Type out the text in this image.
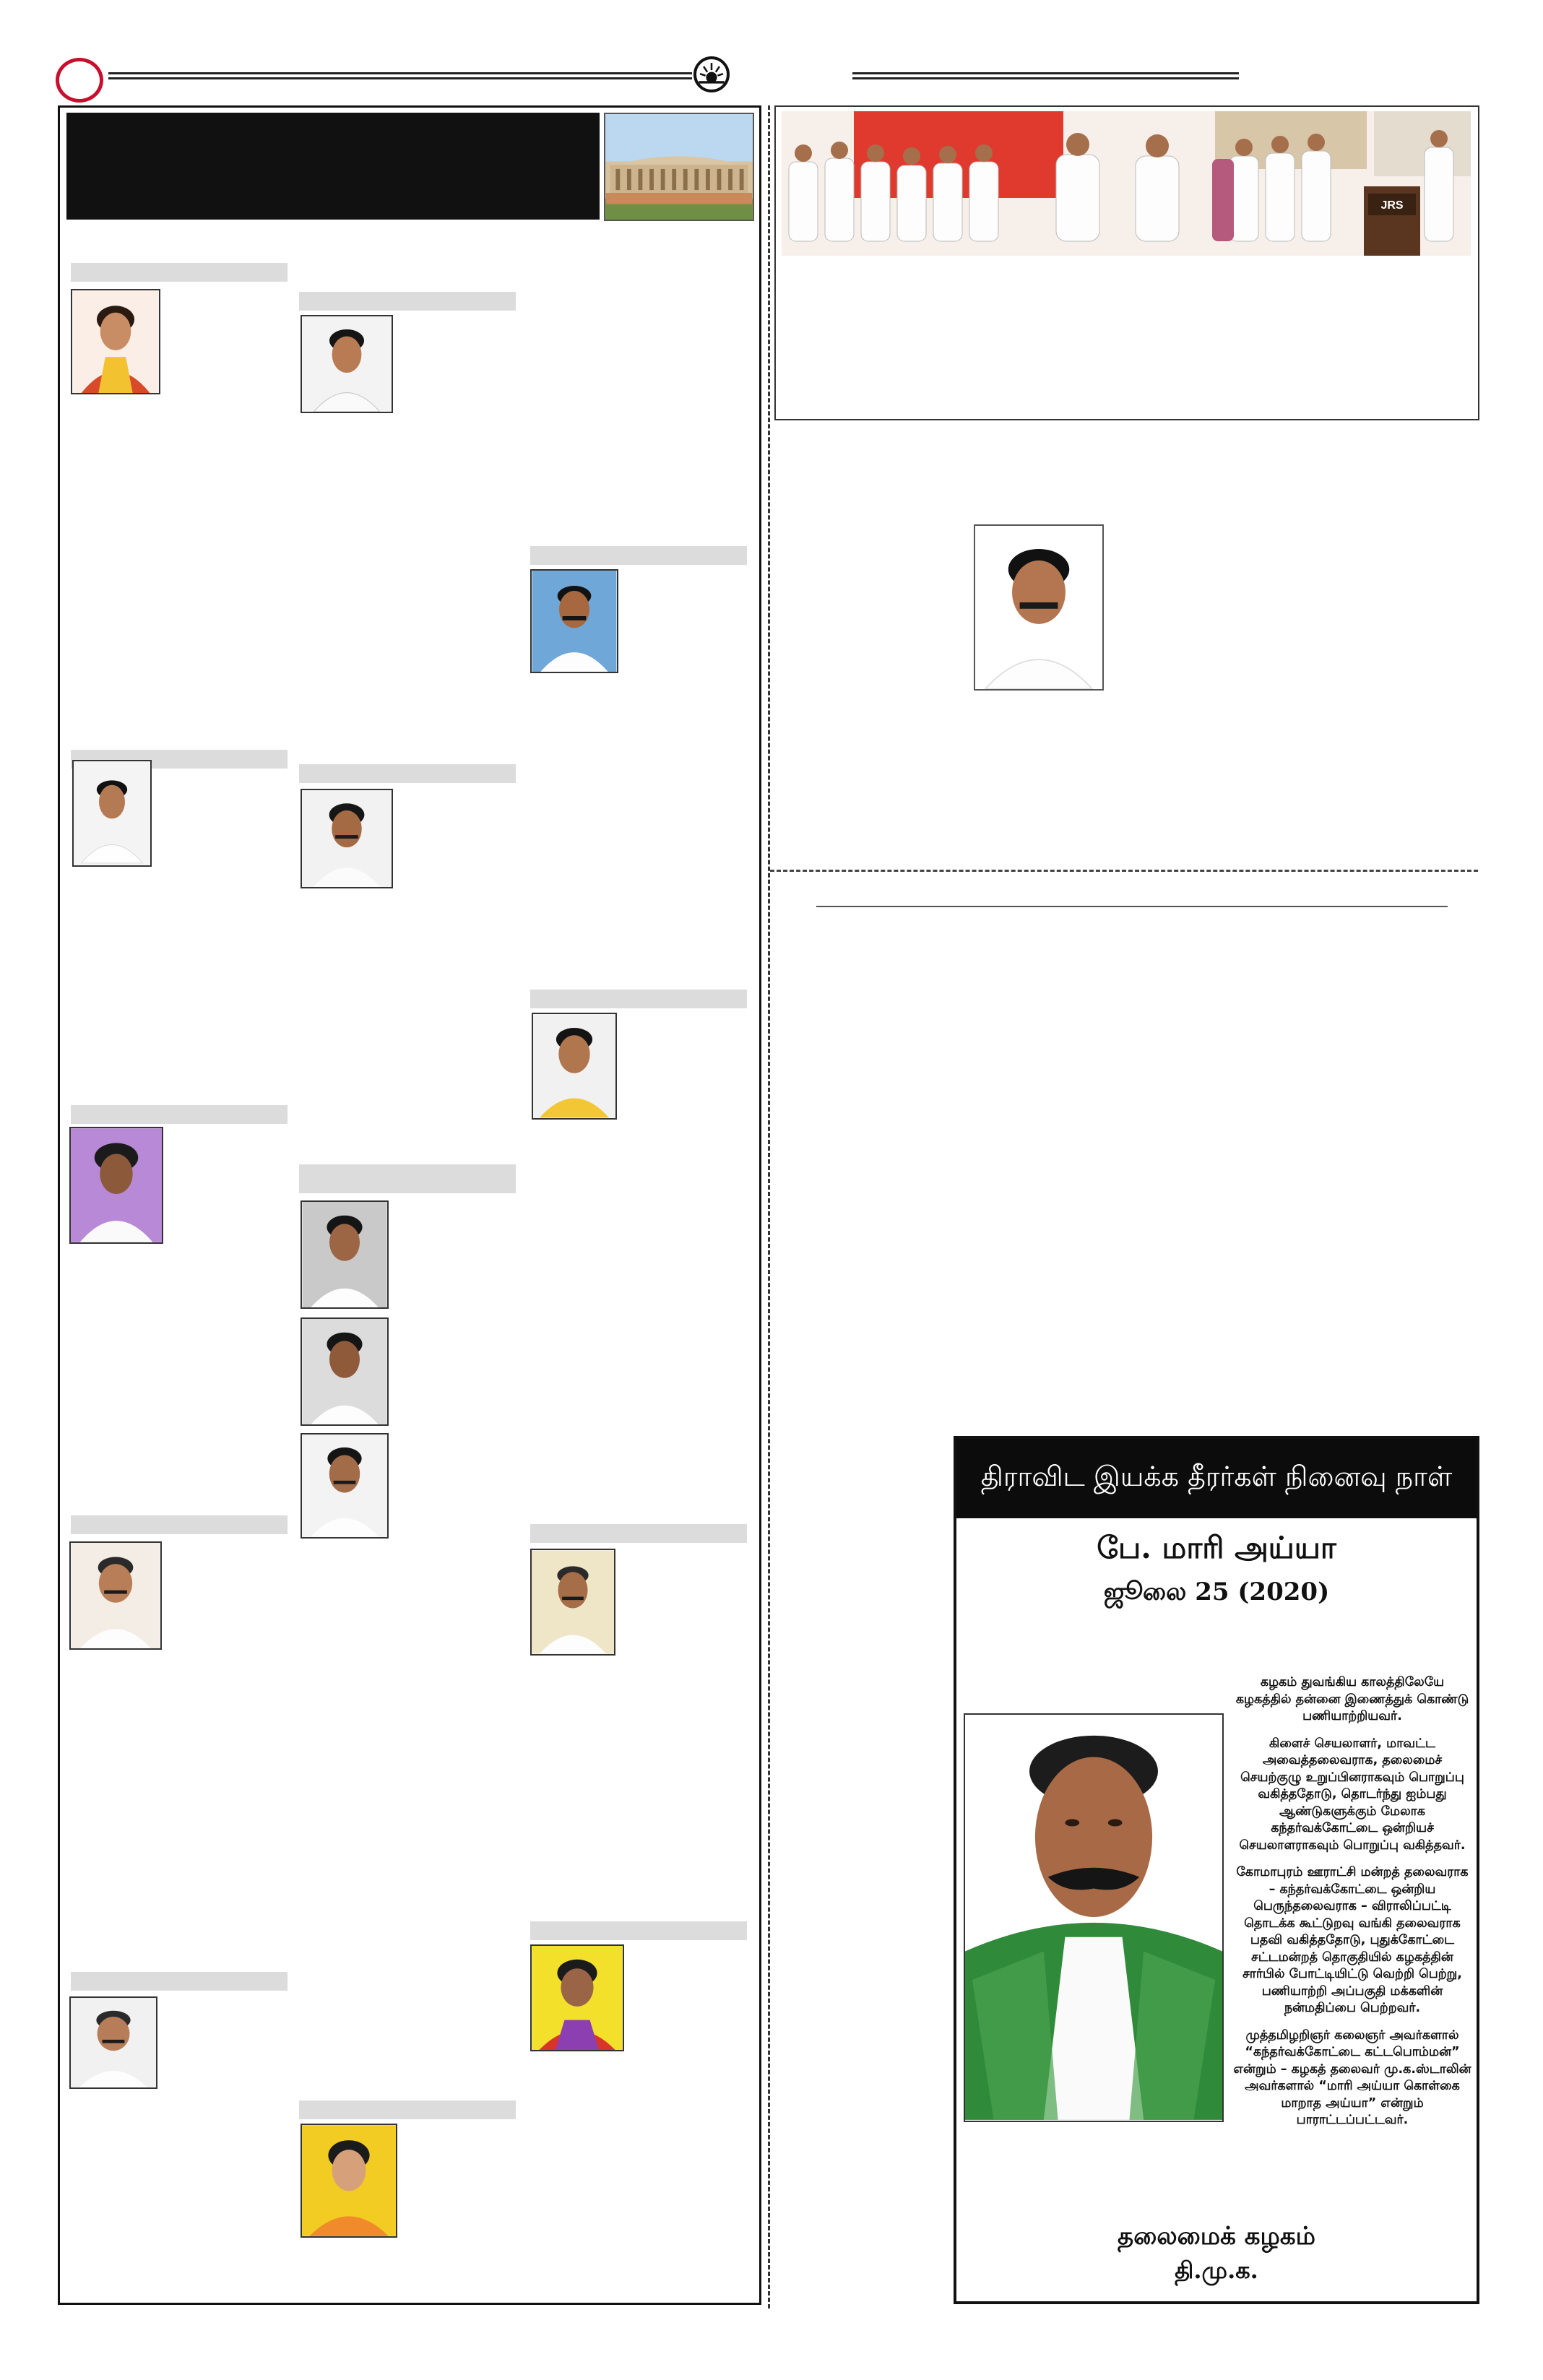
JRS
திராவிட இயக்க தீரர்கள் நினைவு நாள்
பே. மாரி அய்யா
ஜூலை 25 (2020)

கழகம் துவங்கிய காலத்திலேயே கழகத்தில் தன்னை இணைத்துக் கொண்டு பணியாற்றியவர்.

கிளைச் செயலாளர், மாவட்ட அவைத்தலைவராக, தலைமைச் செயற்குழு உறுப்பினராகவும் பொறுப்பு வகித்ததோடு, தொடர்ந்து ஐம்பது ஆண்டுகளுக்கும் மேலாக கந்தர்வக்கோட்டை ஒன்றியச் செயலாளராகவும் பொறுப்பு வகித்தவர்.

கோமாபுரம் ஊராட்சி மன்றத் தலைவராக – கந்தர்வக்கோட்டை ஒன்றிய பெருந்தலைவராக – விராலிப்பட்டி தொடக்க கூட்டுறவு வங்கி தலைவராக பதவி வகித்ததோடு, புதுக்கோட்டை சட்டமன்றத் தொகுதியில் கழகத்தின் சார்பில் போட்டியிட்டு வெற்றி பெற்று, பணியாற்றி அப்பகுதி மக்களின் நன்மதிப்பை பெற்றவர்.

முத்தமிழறிஞர் கலைஞர் அவர்களால் “கந்தர்வக்கோட்டை கட்டபொம்மன்” என்றும் – கழகத் தலைவர் மு.க.ஸ்டாலின் அவர்களால் “மாரி அய்யா கொள்கை மாறாத அய்யா” என்றும் பாராட்டப்பட்டவர்.

தலைமைக் கழகம்
தி.மு.க.
